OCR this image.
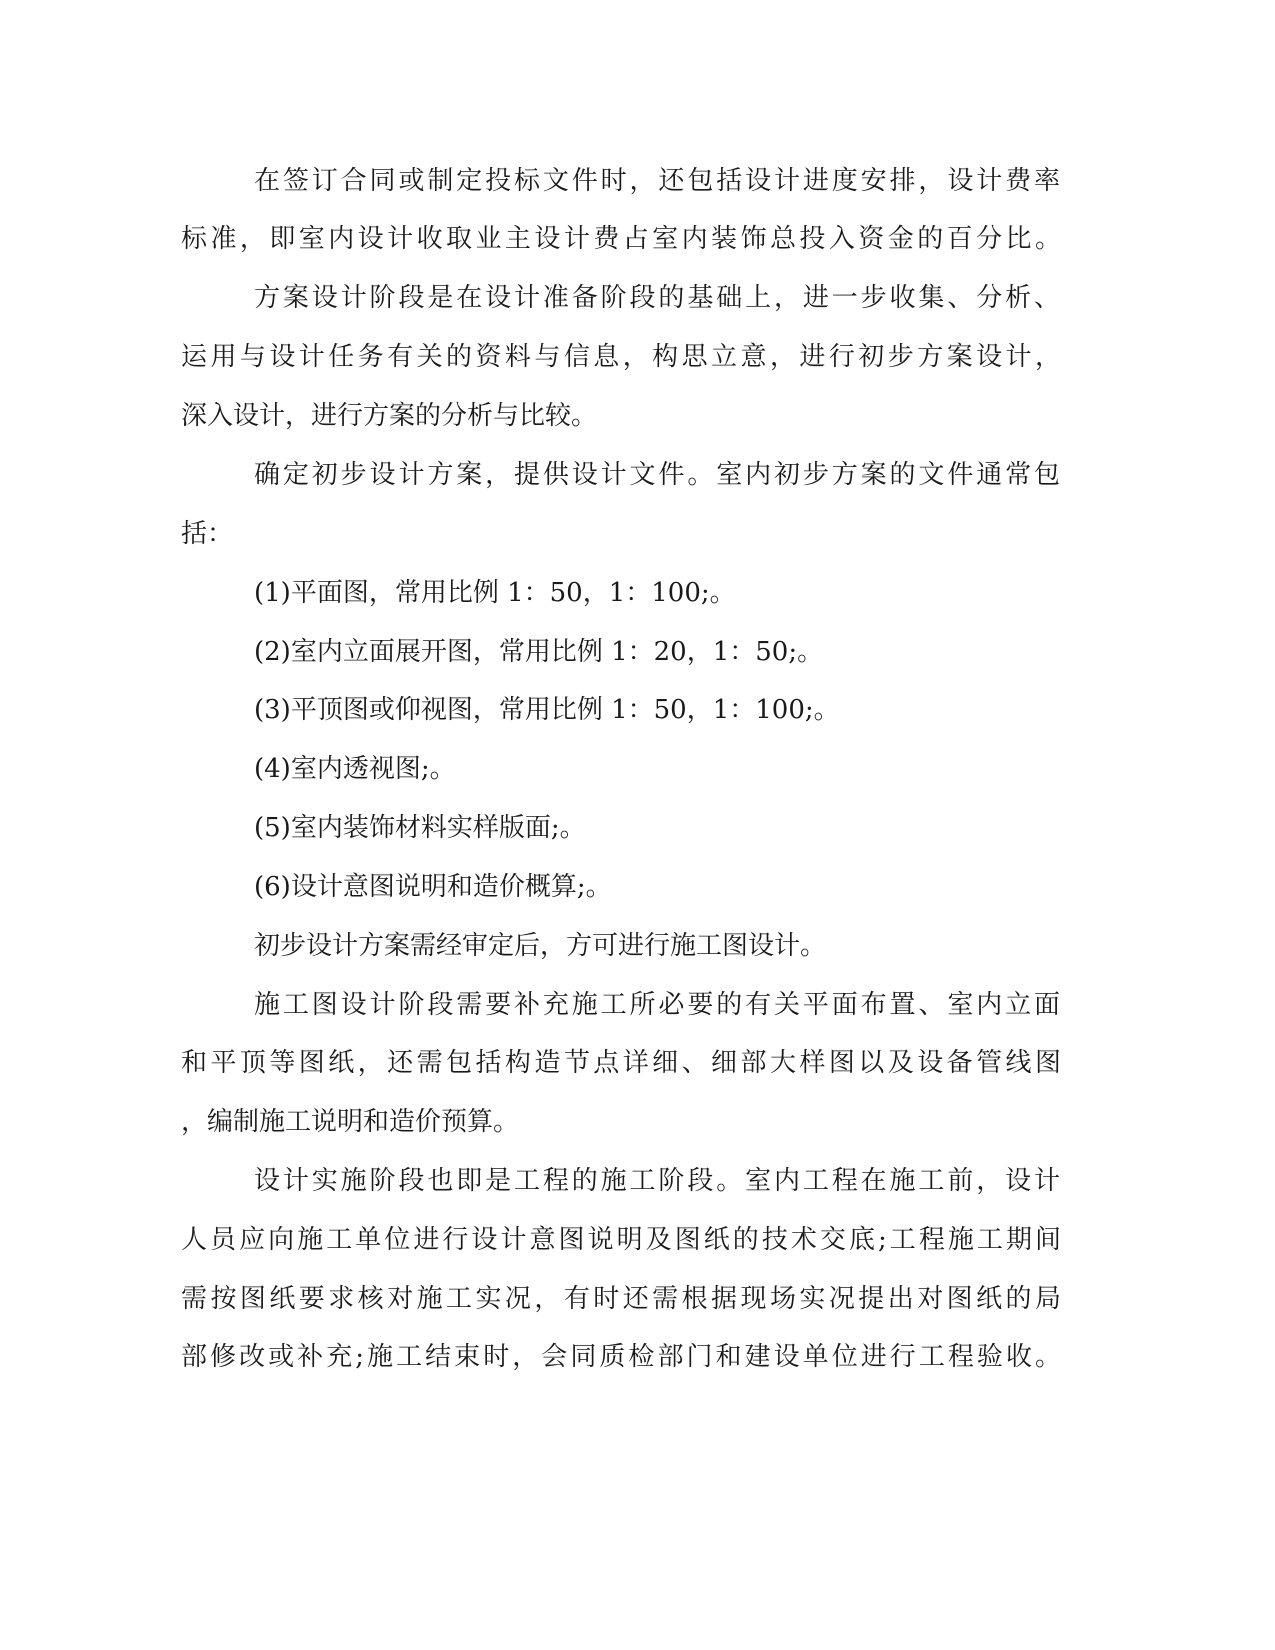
在签订合同或制定投标文件时，还包括设计进度安排，设计费率
标准，即室内设计收取业主设计费占室内装饰总投入资金的百分比。
方案设计阶段是在设计准备阶段的基础上，进一步收集、分析、
运用与设计任务有关的资料与信息，构思立意，进行初步方案设计，
深入设计，进行方案的分析与比较。
确定初步设计方案，提供设计文件。室内初步方案的文件通常包
括：
(1)平面图，常用比例 1：50，1：100;。
(2)室内立面展开图，常用比例 1：20，1：50;。
(3)平顶图或仰视图，常用比例 1：50，1：100;。
(4)室内透视图;。
(5)室内装饰材料实样版面;。
(6)设计意图说明和造价概算;。
初步设计方案需经审定后，方可进行施工图设计。
施工图设计阶段需要补充施工所必要的有关平面布置、室内立面
和平顶等图纸，还需包括构造节点详细、细部大样图以及设备管线图
，编制施工说明和造价预算。
设计实施阶段也即是工程的施工阶段。室内工程在施工前，设计
人员应向施工单位进行设计意图说明及图纸的技术交底;工程施工期间
需按图纸要求核对施工实况，有时还需根据现场实况提出对图纸的局
部修改或补充;施工结束时，会同质检部门和建设单位进行工程验收。
